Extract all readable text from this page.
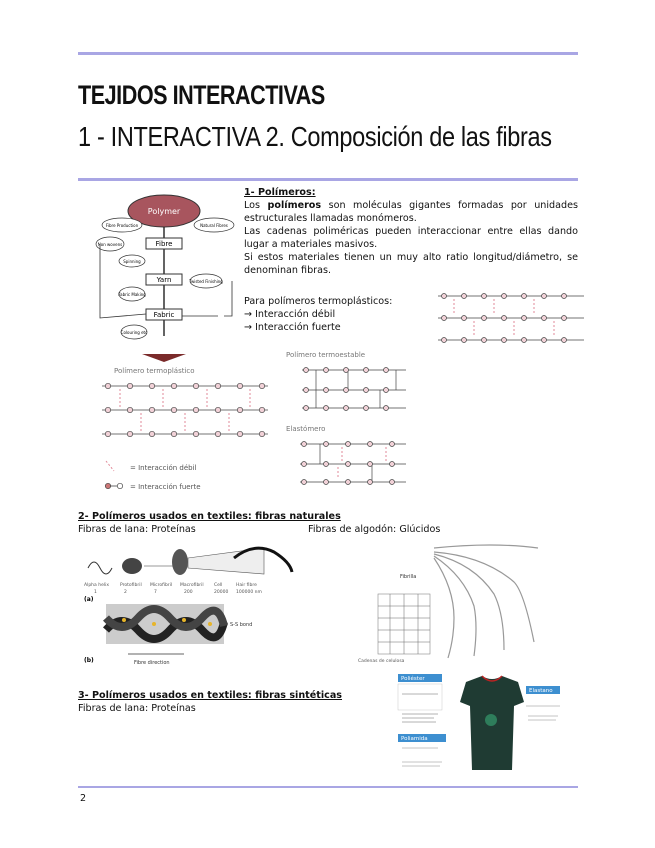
TEJIDOS INTERACTIVAS
1 - INTERACTIVA 2. Composición de las fibras
1- Polímeros:
Los polímeros son moléculas gigantes formadas por unidades estructurales llamadas monómeros.
Las cadenas poliméricas pueden interaccionar entre ellas dando lugar a materiales masivos.
Si estos materiales tienen un muy alto ratio longitud/diámetro, se denominan fibras.
Para polímeros termoplásticos:
→ Interacción débil
→ Interacción fuerte
Polymer
Fibre
Yarn
Fabric
Fibre Production	Natural Fibres
Non wovens
Spinning
Twisted Finishing
Fabric Making
Colouring etc
Polímero termoplástico
= Interacción débil
= Interacción fuerte
Polímero termoestable
Elastómero
2- Polímeros usados en textiles: fibras naturales
Fibras de lana: Proteínas	Fibras de algodón: Glúcidos
Alpha helix Protofibril Microfibril Macrofibril Cell	Hair fibre
1	2	7	200	20000 100000 nm
(a)
S-S bond
(b)	Fibre direction
Fibrilla
Cadenas de celulosa
3- Polímeros usados en textiles: fibras sintéticas
Fibras de lana: Proteínas
Poliéster
Poliamida
Elastano
2
